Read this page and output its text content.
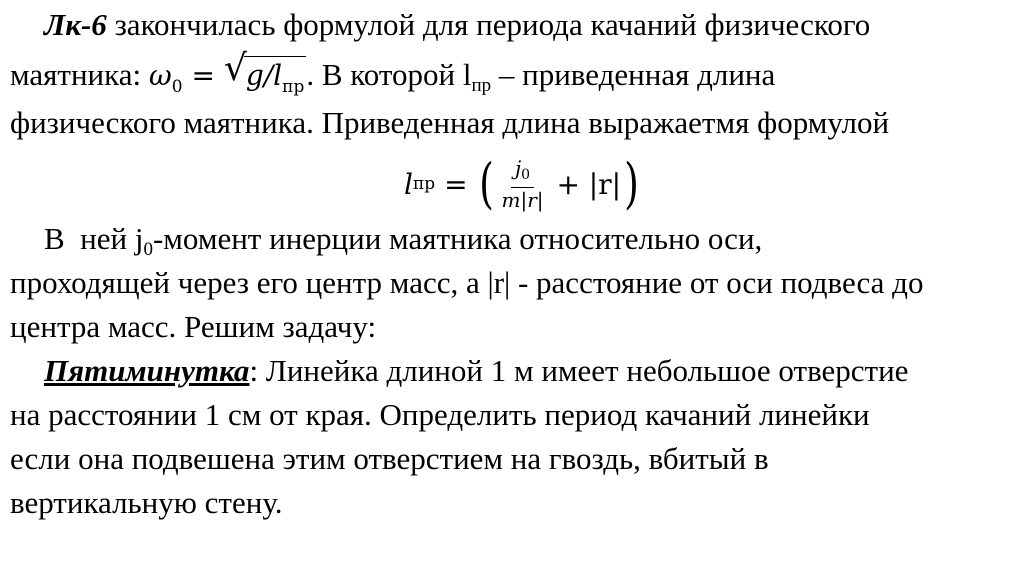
Лк-6 закончилась формулой для периода качаний физического
маятника: $\omega_0$ = √ $g/l_{пр}$. В которой $l_{пр}$ – приведенная длина
физического маятника. Приведенная длина выражаетмя формулой
l пр = ( $\frac{j_0}{m|r|} + |r|$ )
В  ней $j_0$-момент инерции маятника относительно оси,
проходящей через его центр масс, а |r| - расстояние от оси подвеса до
центра масс. Решим задачу:
Пятиминутка: Линейка длиной 1 м имеет небольшое отверстие
на расстоянии 1 см от края. Определить период качаний линейки
если она подвешена этим отверстием на гвоздь, вбитый в
вертикальную стену.
